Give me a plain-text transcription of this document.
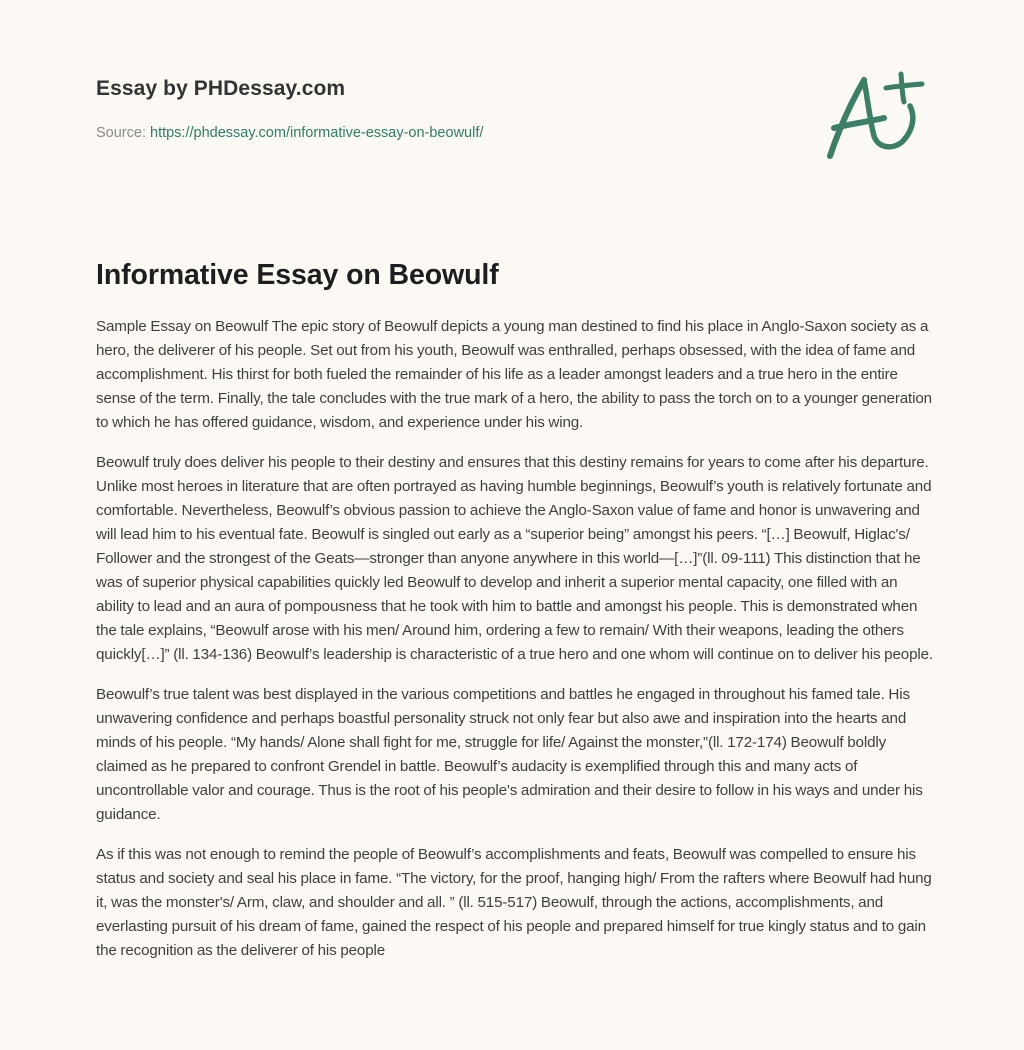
Essay by PHDessay.com
Source: https://phdessay.com/informative-essay-on-beowulf/
Informative Essay on Beowulf

Sample Essay on Beowulf The epic story of Beowulf depicts a young man destined to find his place in Anglo-Saxon society as a hero, the deliverer of his people. Set out from his youth, Beowulf was enthralled, perhaps obsessed, with the idea of fame and accomplishment. His thirst for both fueled the remainder of his life as a leader amongst leaders and a true hero in the entire sense of the term. Finally, the tale concludes with the true mark of a hero, the ability to pass the torch on to a younger generation to which he has offered guidance, wisdom, and experience under his wing.

Beowulf truly does deliver his people to their destiny and ensures that this destiny remains for years to come after his departure. Unlike most heroes in literature that are often portrayed as having humble beginnings, Beowulf’s youth is relatively fortunate and comfortable. Nevertheless, Beowulf’s obvious passion to achieve the Anglo-Saxon value of fame and honor is unwavering and will lead him to his eventual fate. Beowulf is singled out early as a “superior being” amongst his peers. “[…] Beowulf, Higlac's/ Follower and the strongest of the Geats—stronger than anyone anywhere in this world—[…]”(ll. 09-111) This distinction that he was of superior physical capabilities quickly led Beowulf to develop and inherit a superior mental capacity, one filled with an ability to lead and an aura of pompousness that he took with him to battle and amongst his people. This is demonstrated when the tale explains, “Beowulf arose with his men/ Around him, ordering a few to remain/ With their weapons, leading the others quickly[…]” (ll. 134-136) Beowulf’s leadership is characteristic of a true hero and one whom will continue on to deliver his people.

Beowulf’s true talent was best displayed in the various competitions and battles he engaged in throughout his famed tale. His unwavering confidence and perhaps boastful personality struck not only fear but also awe and inspiration into the hearts and minds of his people. “My hands/ Alone shall fight for me, struggle for life/ Against the monster,”(ll. 172-174) Beowulf boldly claimed as he prepared to confront Grendel in battle. Beowulf’s audacity is exemplified through this and many acts of uncontrollable valor and courage. Thus is the root of his people's admiration and their desire to follow in his ways and under his guidance.

As if this was not enough to remind the people of Beowulf’s accomplishments and feats, Beowulf was compelled to ensure his status and society and seal his place in fame. “The victory, for the proof, hanging high/ From the rafters where Beowulf had hung it, was the monster's/ Arm, claw, and shoulder and all. ” (ll. 515-517) Beowulf, through the actions, accomplishments, and everlasting pursuit of his dream of fame, gained the respect of his people and prepared himself for true kingly status and to gain the recognition as the deliverer of his people
